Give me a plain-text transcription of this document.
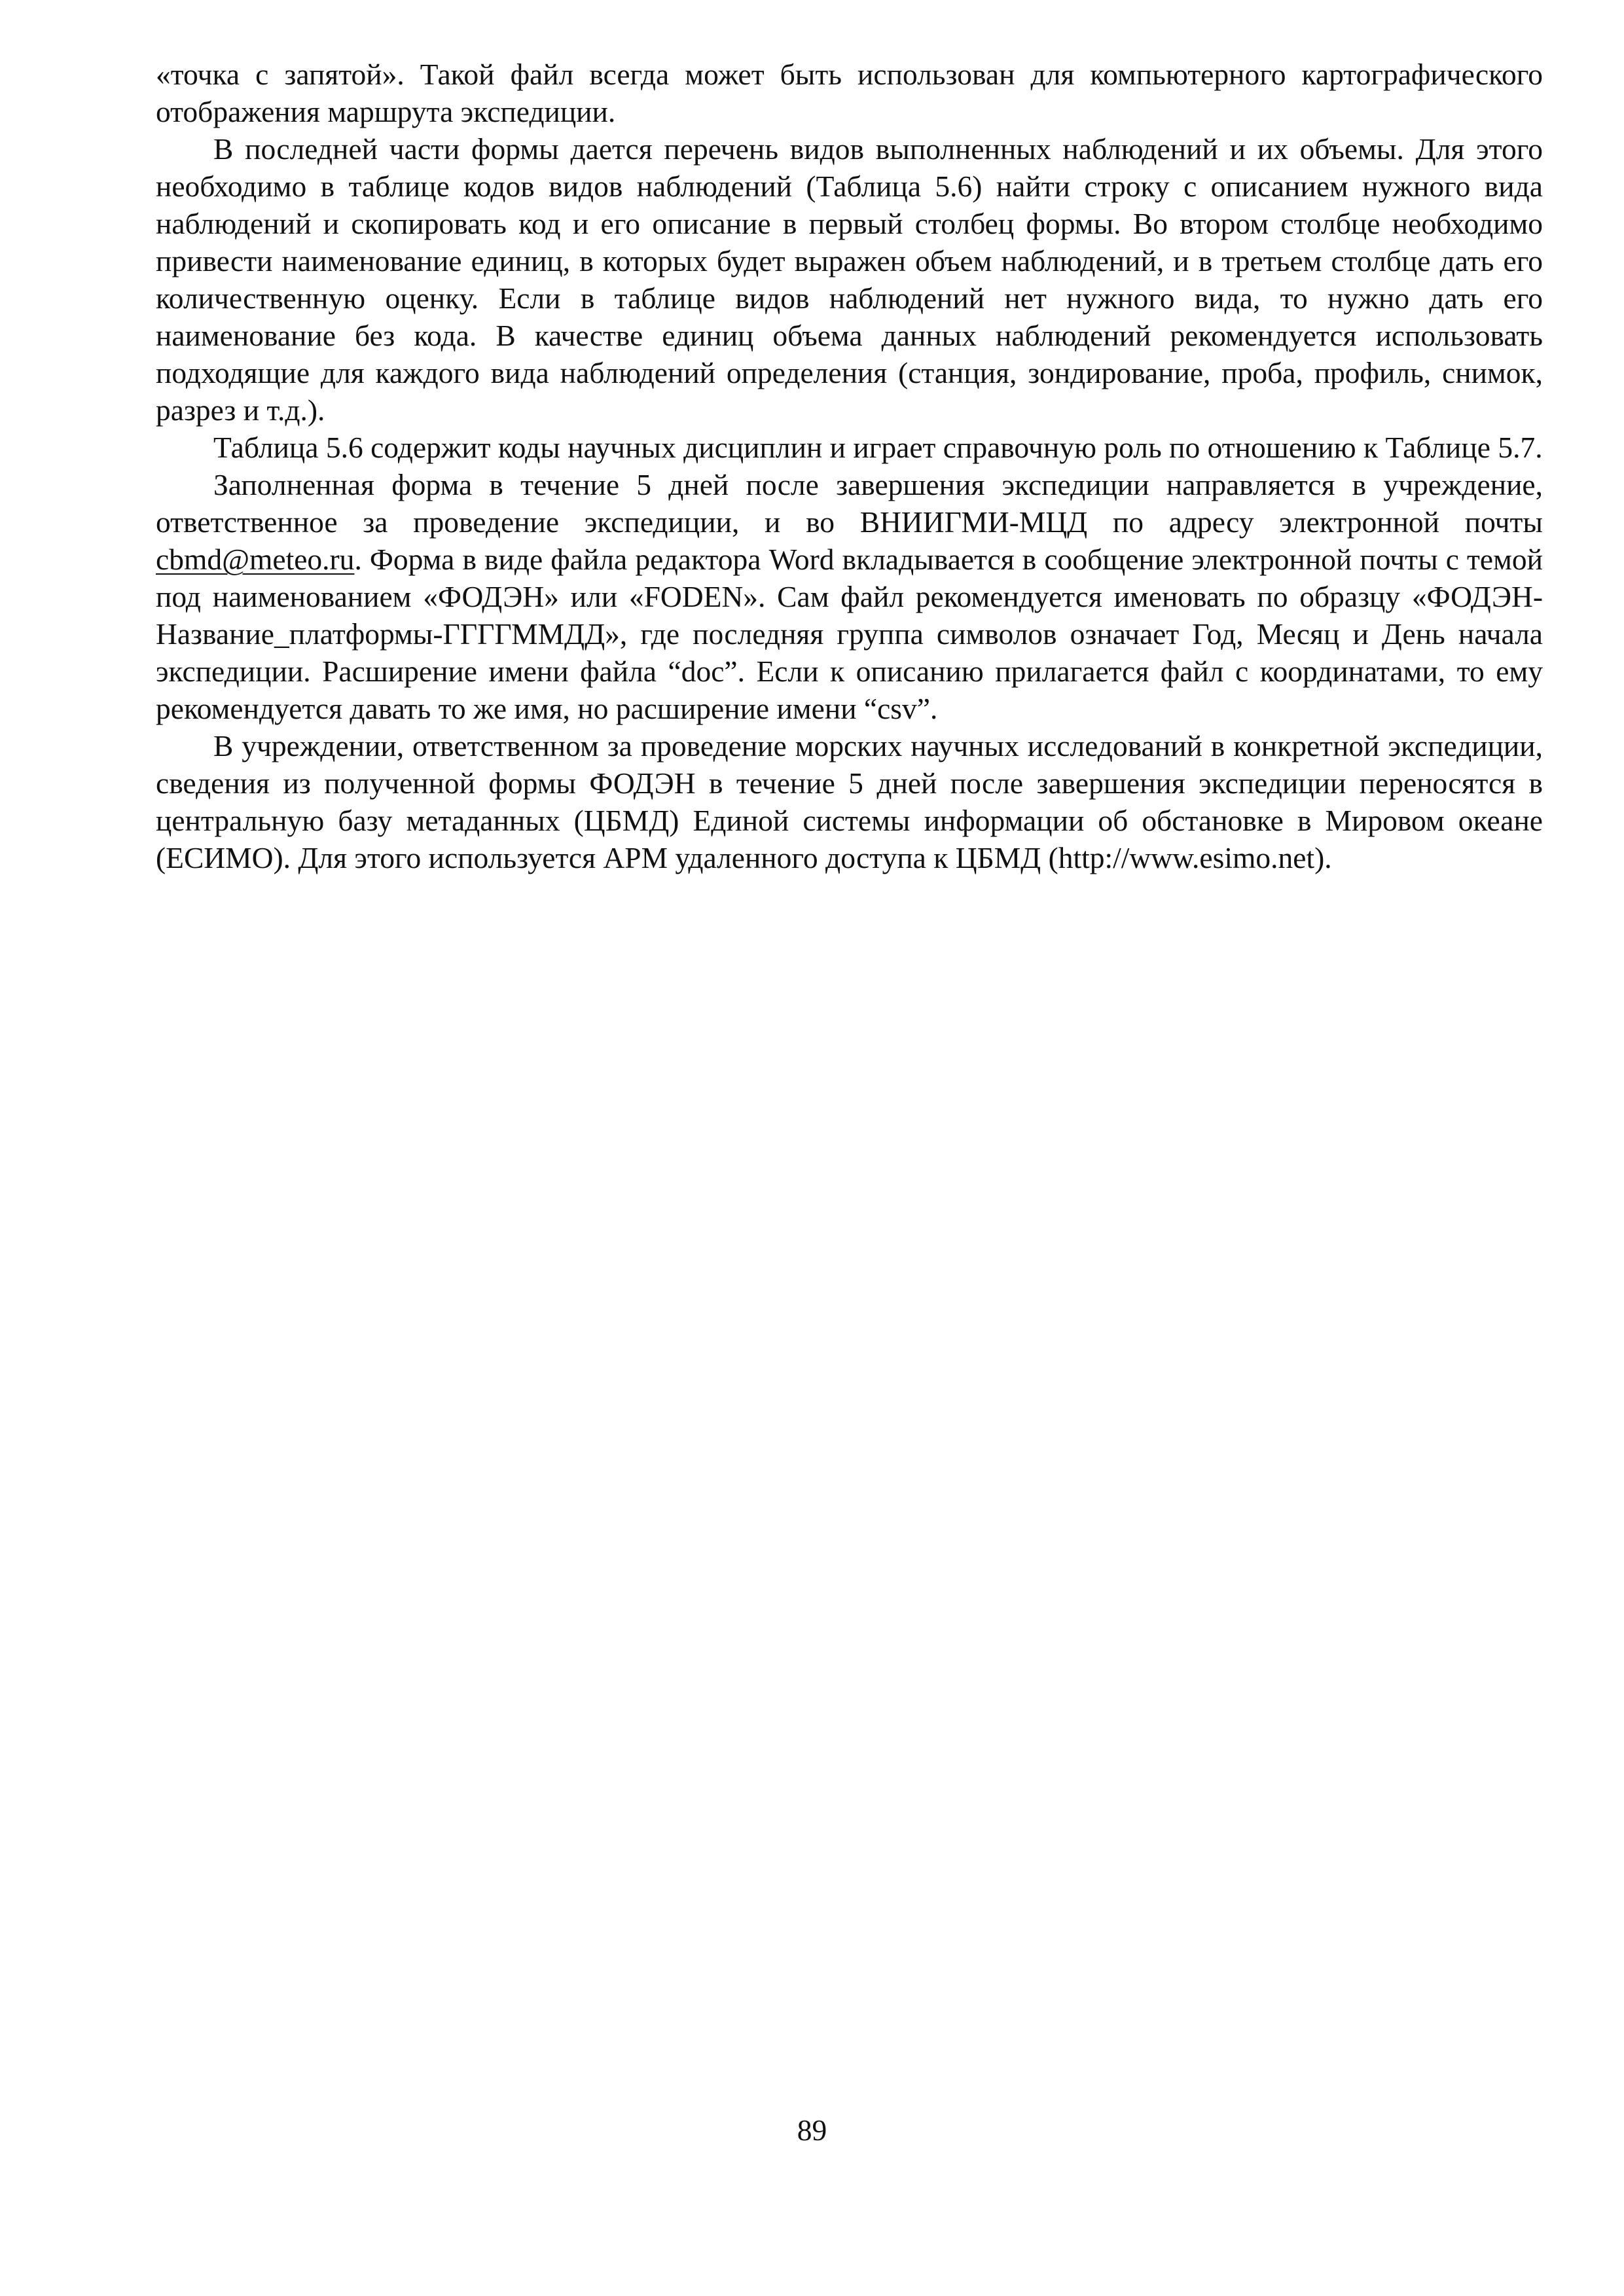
«точка с запятой». Такой файл всегда может быть использован для компьютерного картографического отображения маршрута экспедиции.

В последней части формы дается перечень видов выполненных наблюдений и их объемы. Для этого необходимо в таблице кодов видов наблюдений (Таблица 5.6) найти строку с описанием нужного вида наблюдений и скопировать код и его описание в первый столбец формы. Во втором столбце необходимо привести наименование единиц, в которых будет выражен объем наблюдений, и в третьем столбце дать его количественную оценку. Если в таблице видов наблюдений нет нужного вида, то нужно дать его наименование без кода. В качестве единиц объема данных наблюдений рекомендуется использовать подходящие для каждого вида наблюдений определения (станция, зондирование, проба, профиль, снимок, разрез и т.д.).

Таблица 5.6 содержит коды научных дисциплин и играет справочную роль по отношению к Таблице 5.7.

Заполненная форма в течение 5 дней после завершения экспедиции направляется в учреждение, ответственное за проведение экспедиции, и во ВНИИГМИ-МЦД по адресу электронной почты cbmd@meteo.ru. Форма в виде файла редактора Word вкладывается в сообщение электронной почты с темой под наименованием «ФОДЭН» или «FODEN». Сам файл рекомендуется именовать по образцу «ФОДЭН-Название_платформы-ГГГГММДД», где последняя группа символов означает Год, Месяц и День начала экспедиции. Расширение имени файла “doc”. Если к описанию прилагается файл с координатами, то ему рекомендуется давать то же имя, но расширение имени “csv”.

В учреждении, ответственном за проведение морских научных исследований в конкретной экспедиции, сведения из полученной формы ФОДЭН в течение 5 дней после завершения экспедиции переносятся в центральную базу метаданных (ЦБМД) Единой системы информации об обстановке в Мировом океане (ЕСИМО). Для этого используется АРМ удаленного доступа к ЦБМД (http://www.esimo.net).

89
